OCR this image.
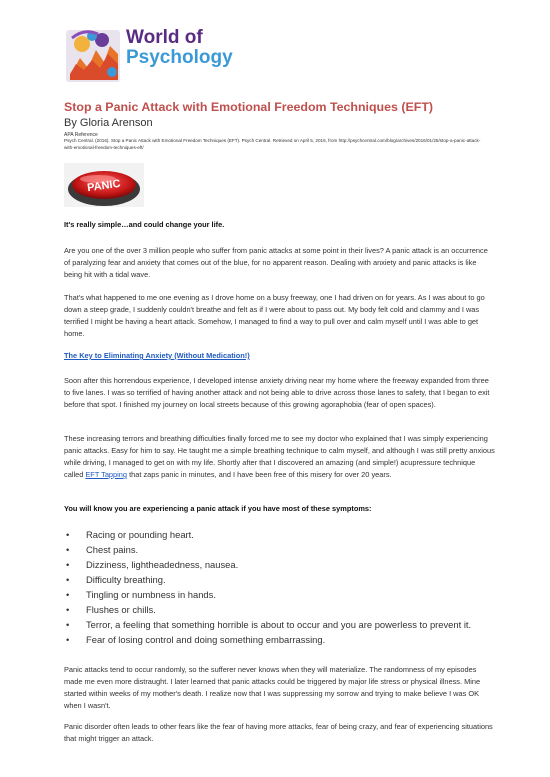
World of
Psychology
Stop a Panic Attack with Emotional Freedom Techniques (EFT)
By Gloria Arenson
APA Reference
Psych Central. (2016). Stop a Panic Attack with Emotional Freedom Techniques (EFT). Psych Central. Retrieved on April 5, 2016, from http://psychcentral.com/blog/archives/2016/01/25/stop-a-panic-attack-with-emotional-freedom-techniques-eft/
PANIC

It's really simple…and could change your life.

Are you one of the over 3 million people who suffer from panic attacks at some point in their lives? A panic attack is an occurrence of paralyzing fear and anxiety that comes out of the blue, for no apparent reason. Dealing with anxiety and panic attacks is like being hit with a tidal wave.

That's what happened to me one evening as I drove home on a busy freeway, one I had driven on for years. As I was about to go down a steep grade, I suddenly couldn't breathe and felt as if I were about to pass out. My body felt cold and clammy and I was terrified I might be having a heart attack. Somehow, I managed to find a way to pull over and calm myself until I was able to get home.

The Key to Eliminating Anxiety (Without Medication!)

Soon after this horrendous experience, I developed intense anxiety driving near my home where the freeway expanded from three to five lanes. I was so terrified of having another attack and not being able to drive across those lanes to safety, that I began to exit before that spot. I finished my journey on local streets because of this growing agoraphobia (fear of open spaces).

These increasing terrors and breathing difficulties finally forced me to see my doctor who explained that I was simply experiencing panic attacks. Easy for him to say. He taught me a simple breathing technique to calm myself, and although I was still pretty anxious while driving, I managed to get on with my life. Shortly after that I discovered an amazing (and simple!) acupressure technique called EFT Tapping that zaps panic in minutes, and I have been free of this misery for over 20 years.

You will know you are experiencing a panic attack if you have most of these symptoms:

• Racing or pounding heart.
• Chest pains.
• Dizziness, lightheadedness, nausea.
• Difficulty breathing.
• Tingling or numbness in hands.
• Flushes or chills.
• Terror, a feeling that something horrible is about to occur and you are powerless to prevent it.
• Fear of losing control and doing something embarrassing.

Panic attacks tend to occur randomly, so the sufferer never knows when they will materialize. The randomness of my episodes made me even more distraught. I later learned that panic attacks could be triggered by major life stress or physical illness. Mine started within weeks of my mother's death. I realize now that I was suppressing my sorrow and trying to make believe I was OK when I wasn't.

Panic disorder often leads to other fears like the fear of having more attacks, fear of being crazy, and fear of experiencing situations that might trigger an attack.
